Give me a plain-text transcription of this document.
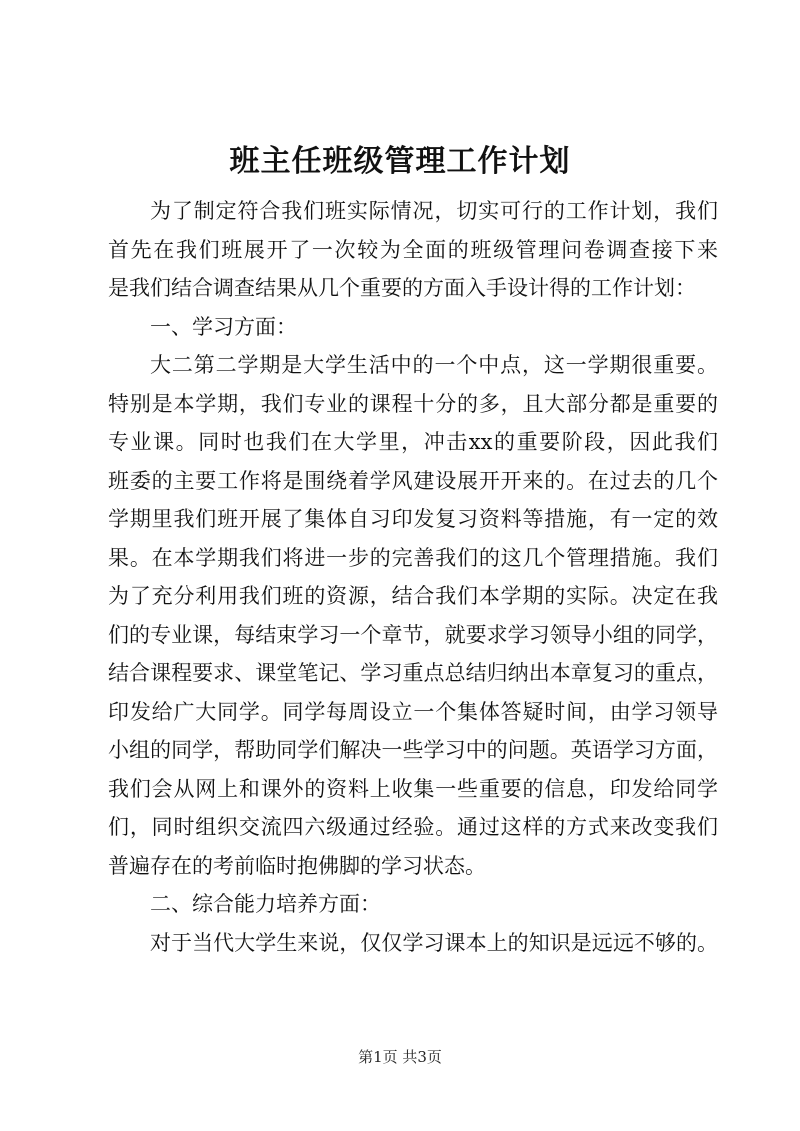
班主任班级管理工作计划
为了制定符合我们班实际情况，切实可行的工作计划，我们
首先在我们班展开了一次较为全面的班级管理问卷调查接下来
是我们结合调查结果从几个重要的方面入手设计得的工作计划：
一、学习方面：
大二第二学期是大学生活中的一个中点，这一学期很重要。
特别是本学期，我们专业的课程十分的多，且大部分都是重要的
专业课。同时也我们在大学里，冲击xx的重要阶段，因此我们
班委的主要工作将是围绕着学风建设展开开来的。在过去的几个
学期里我们班开展了集体自习印发复习资料等措施，有一定的效
果。在本学期我们将进一步的完善我们的这几个管理措施。我们
为了充分利用我们班的资源，结合我们本学期的实际。决定在我
们的专业课，每结束学习一个章节，就要求学习领导小组的同学，
结合课程要求、课堂笔记、学习重点总结归纳出本章复习的重点，
印发给广大同学。同学每周设立一个集体答疑时间，由学习领导
小组的同学，帮助同学们解决一些学习中的问题。英语学习方面，
我们会从网上和课外的资料上收集一些重要的信息，印发给同学
们，同时组织交流四六级通过经验。通过这样的方式来改变我们
普遍存在的考前临时抱佛脚的学习状态。
二、综合能力培养方面：
对于当代大学生来说，仅仅学习课本上的知识是远远不够的。
第1页 共3页
